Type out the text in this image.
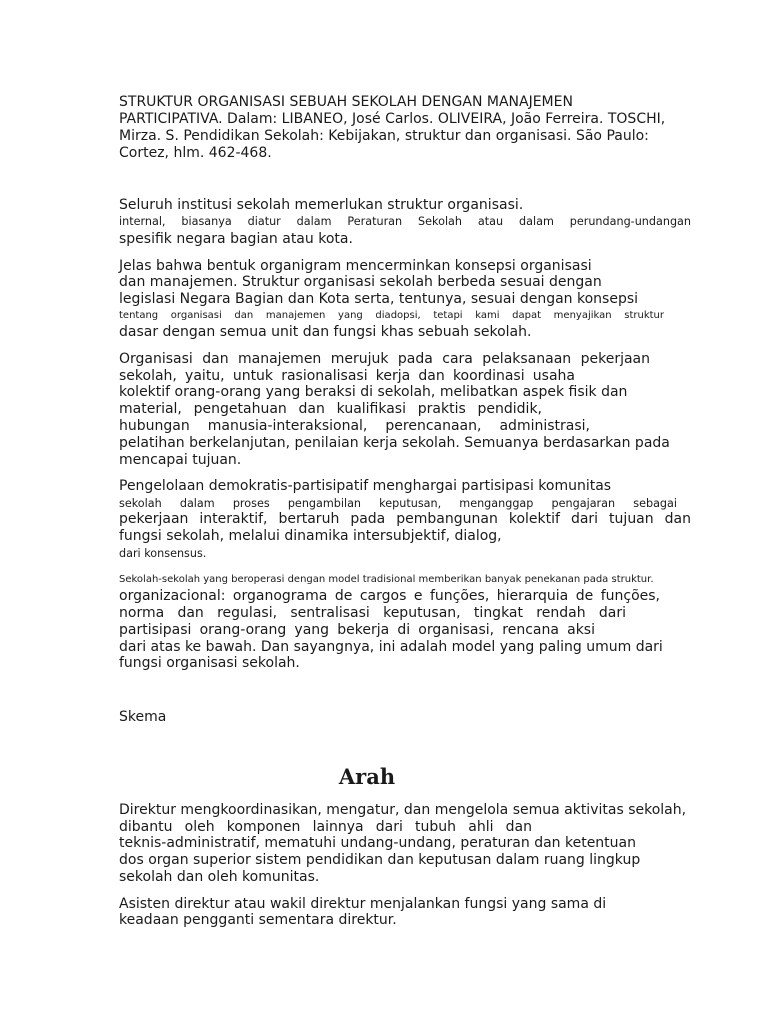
STRUKTUR ORGANISASI SEBUAH SEKOLAH DENGAN MANAJEMEN
PARTICIPATIVA. Dalam: LIBANEO, José Carlos. OLIVEIRA, João Ferreira. TOSCHI,
Mirza. S. Pendidikan Sekolah: Kebijakan, struktur dan organisasi. São Paulo:
Cortez, hlm. 462-468.
Seluruh institusi sekolah memerlukan struktur organisasi.
internal, biasanya diatur dalam Peraturan Sekolah atau dalam perundang-undangan
spesifik negara bagian atau kota.
Jelas bahwa bentuk organigram mencerminkan konsepsi organisasi
dan manajemen. Struktur organisasi sekolah berbeda sesuai dengan
legislasi Negara Bagian dan Kota serta, tentunya, sesuai dengan konsepsi
tentang organisasi dan manajemen yang diadopsi, tetapi kami dapat menyajikan struktur
dasar dengan semua unit dan fungsi khas sebuah sekolah.
Organisasi dan manajemen merujuk pada cara pelaksanaan pekerjaan
sekolah, yaitu, untuk rasionalisasi kerja dan koordinasi usaha
kolektif orang-orang yang beraksi di sekolah, melibatkan aspek fisik dan
material, pengetahuan dan kualifikasi praktis pendidik,
hubungan manusia-interaksional, perencanaan, administrasi,
pelatihan berkelanjutan, penilaian kerja sekolah. Semuanya berdasarkan pada
mencapai tujuan.
Pengelolaan demokratis-partisipatif menghargai partisipasi komunitas
sekolah dalam proses pengambilan keputusan, menganggap pengajaran sebagai
pekerjaan interaktif, bertaruh pada pembangunan kolektif dari tujuan dan
fungsi sekolah, melalui dinamika intersubjektif, dialog,
dari konsensus.
Sekolah-sekolah yang beroperasi dengan model tradisional memberikan banyak penekanan pada struktur.
organizacional: organograma de cargos e funções, hierarquia de funções,
norma dan regulasi, sentralisasi keputusan, tingkat rendah dari
partisipasi orang-orang yang bekerja di organisasi, rencana aksi
dari atas ke bawah. Dan sayangnya, ini adalah model yang paling umum dari
fungsi organisasi sekolah.
Skema
Arah
Direktur mengkoordinasikan, mengatur, dan mengelola semua aktivitas sekolah,
dibantu oleh komponen lainnya dari tubuh ahli dan
teknis-administratif, mematuhi undang-undang, peraturan dan ketentuan
dos organ superior sistem pendidikan dan keputusan dalam ruang lingkup
sekolah dan oleh komunitas.
Asisten direktur atau wakil direktur menjalankan fungsi yang sama di
keadaan pengganti sementara direktur.
